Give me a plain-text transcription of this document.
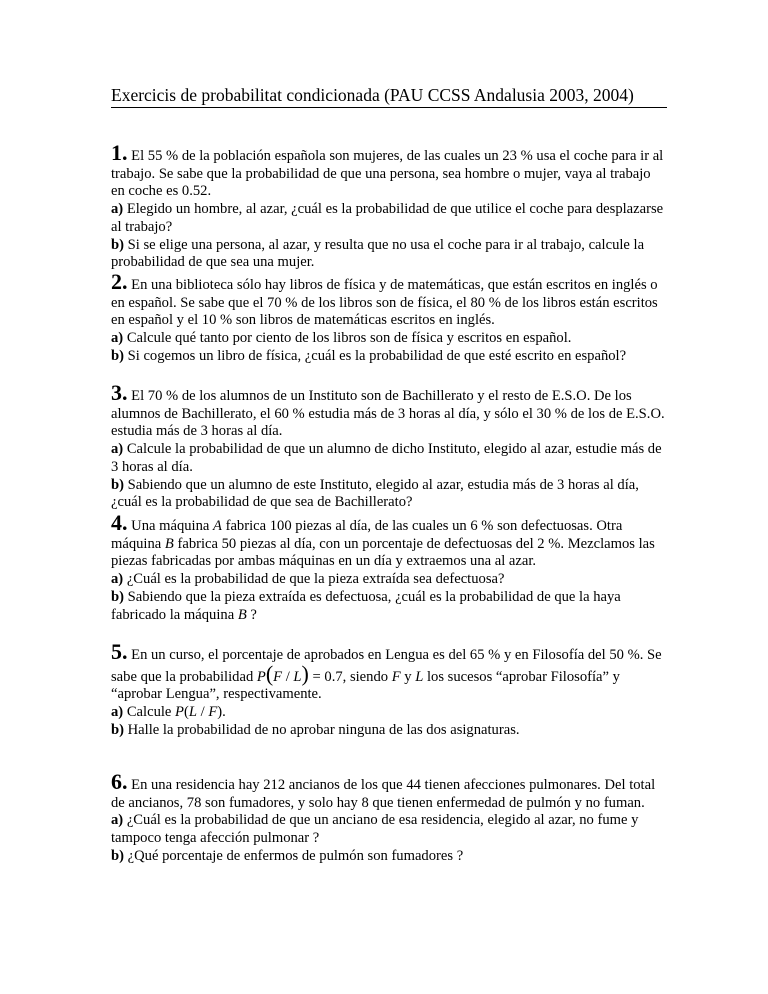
Exercicis de probabilitat condicionada (PAU CCSS Andalusia 2003, 2004)

1. El 55 % de la población española son mujeres, de las cuales un 23 % usa el coche para ir al trabajo. Se sabe que la probabilidad de que una persona, sea hombre o mujer, vaya al trabajo en coche es 0.52.

a) Elegido un hombre, al azar, ¿cuál es la probabilidad de que utilice el coche para desplazarse al trabajo?

b) Si se elige una persona, al azar, y resulta que no usa el coche para ir al trabajo, calcule la probabilidad de que sea una mujer.

2. En una biblioteca sólo hay libros de física y de matemáticas, que están escritos en inglés o en español. Se sabe que el 70 % de los libros son de física, el 80 % de los libros están escritos en español y el 10 % son libros de matemáticas escritos en inglés.

a) Calcule qué tanto por ciento de los libros son de física y escritos en español.

b) Si cogemos un libro de física, ¿cuál es la probabilidad de que esté escrito en español?

3. El 70 % de los alumnos de un Instituto son de Bachillerato y el resto de E.S.O. De los alumnos de Bachillerato, el 60 % estudia más de 3 horas al día, y sólo el 30 % de los de E.S.O. estudia más de 3 horas al día.

a) Calcule la probabilidad de que un alumno de dicho Instituto, elegido al azar, estudie más de 3 horas al día.

b) Sabiendo que un alumno de este Instituto, elegido al azar, estudia más de 3 horas al día, ¿cuál es la probabilidad de que sea de Bachillerato?

4. Una máquina A fabrica 100 piezas al día, de las cuales un 6 % son defectuosas. Otra máquina B fabrica 50 piezas al día, con un porcentaje de defectuosas del 2 %. Mezclamos las piezas fabricadas por ambas máquinas en un día y extraemos una al azar.

a) ¿Cuál es la probabilidad de que la pieza extraída sea defectuosa?

b) Sabiendo que la pieza extraída es defectuosa, ¿cuál es la probabilidad de que la haya fabricado la máquina B ?

5. En un curso, el porcentaje de aprobados en Lengua es del 65 % y en Filosofía del 50 %. Se sabe que la probabilidad P(F / L) = 0.7, siendo F y L los sucesos “aprobar Filosofía” y “aprobar Lengua”, respectivamente.

a) Calcule P(L / F).

b) Halle la probabilidad de no aprobar ninguna de las dos asignaturas.

6. En una residencia hay 212 ancianos de los que 44 tienen afecciones pulmonares. Del total de ancianos, 78 son fumadores, y solo hay 8 que tienen enfermedad de pulmón y no fuman.

a) ¿Cuál es la probabilidad de que un anciano de esa residencia, elegido al azar, no fume y tampoco tenga afección pulmonar ?

b) ¿Qué porcentaje de enfermos de pulmón son fumadores ?
